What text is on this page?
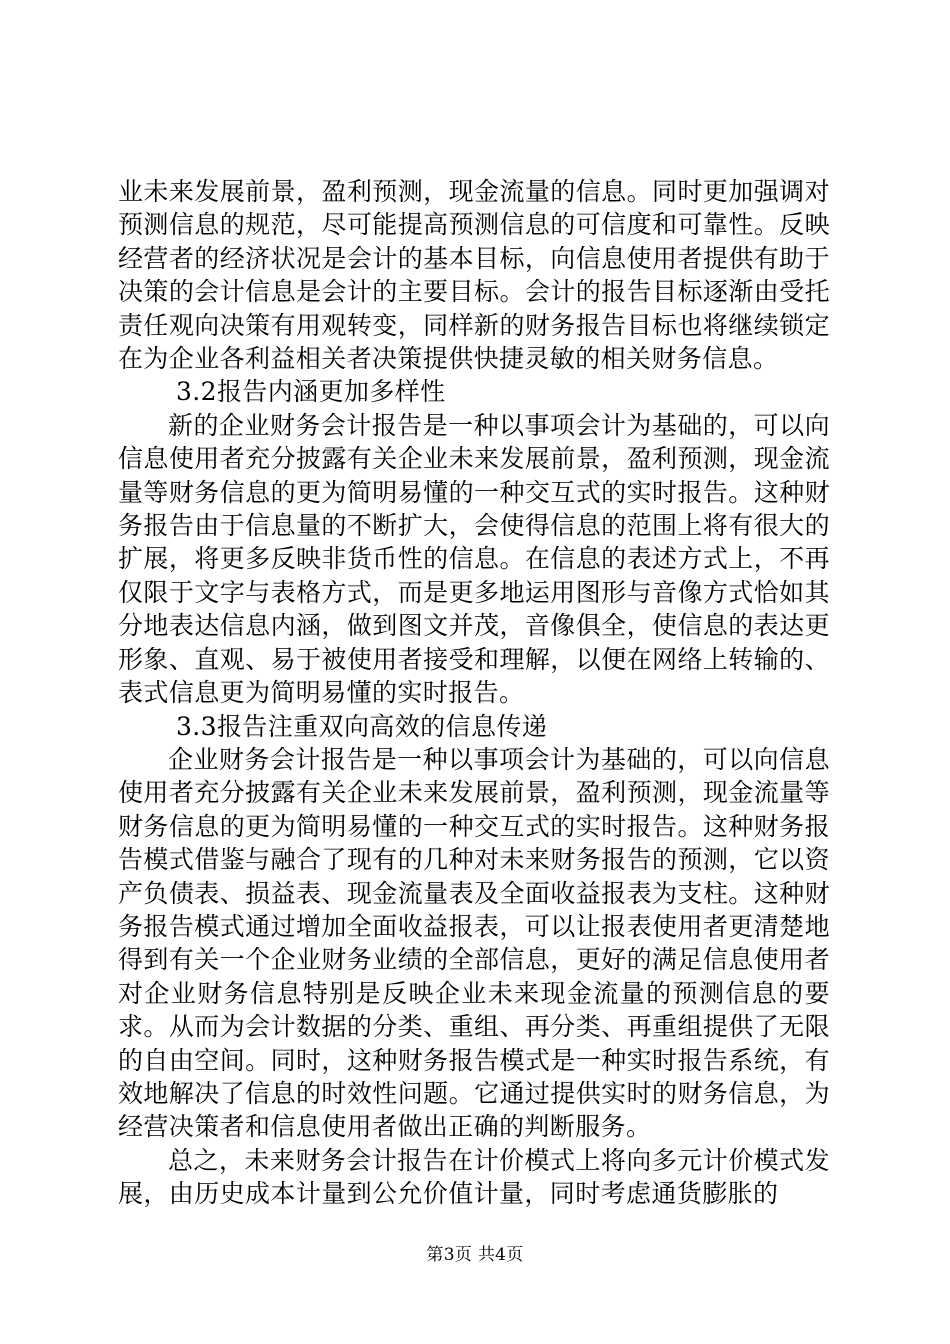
业未来发展前景，盈利预测，现金流量的信息。同时更加强调对预测信息的规范，尽可能提高预测信息的可信度和可靠性。反映经营者的经济状况是会计的基本目标，向信息使用者提供有助于决策的会计信息是会计的主要目标。会计的报告目标逐渐由受托责任观向决策有用观转变，同样新的财务报告目标也将继续锁定在为企业各利益相关者决策提供快捷灵敏的相关财务信息。

3.2报告内涵更加多样性

新的企业财务会计报告是一种以事项会计为基础的，可以向信息使用者充分披露有关企业未来发展前景，盈利预测，现金流量等财务信息的更为简明易懂的一种交互式的实时报告。这种财务报告由于信息量的不断扩大，会使得信息的范围上将有很大的扩展，将更多反映非货币性的信息。在信息的表述方式上，不再仅限于文字与表格方式，而是更多地运用图形与音像方式恰如其分地表达信息内涵，做到图文并茂，音像俱全，使信息的表达更形象、直观、易于被使用者接受和理解，以便在网络上转输的、表式信息更为简明易懂的实时报告。

3.3报告注重双向高效的信息传递

企业财务会计报告是一种以事项会计为基础的，可以向信息使用者充分披露有关企业未来发展前景，盈利预测，现金流量等财务信息的更为简明易懂的一种交互式的实时报告。这种财务报告模式借鉴与融合了现有的几种对未来财务报告的预测，它以资产负债表、损益表、现金流量表及全面收益报表为支柱。这种财务报告模式通过增加全面收益报表，可以让报表使用者更清楚地得到有关一个企业财务业绩的全部信息，更好的满足信息使用者对企业财务信息特别是反映企业未来现金流量的预测信息的要求。从而为会计数据的分类、重组、再分类、再重组提供了无限的自由空间。同时，这种财务报告模式是一种实时报告系统，有效地解决了信息的时效性问题。它通过提供实时的财务信息，为经营决策者和信息使用者做出正确的判断服务。

总之，未来财务会计报告在计价模式上将向多元计价模式发展，由历史成本计量到公允价值计量，同时考虑通货膨胀的

第3页 共4页
